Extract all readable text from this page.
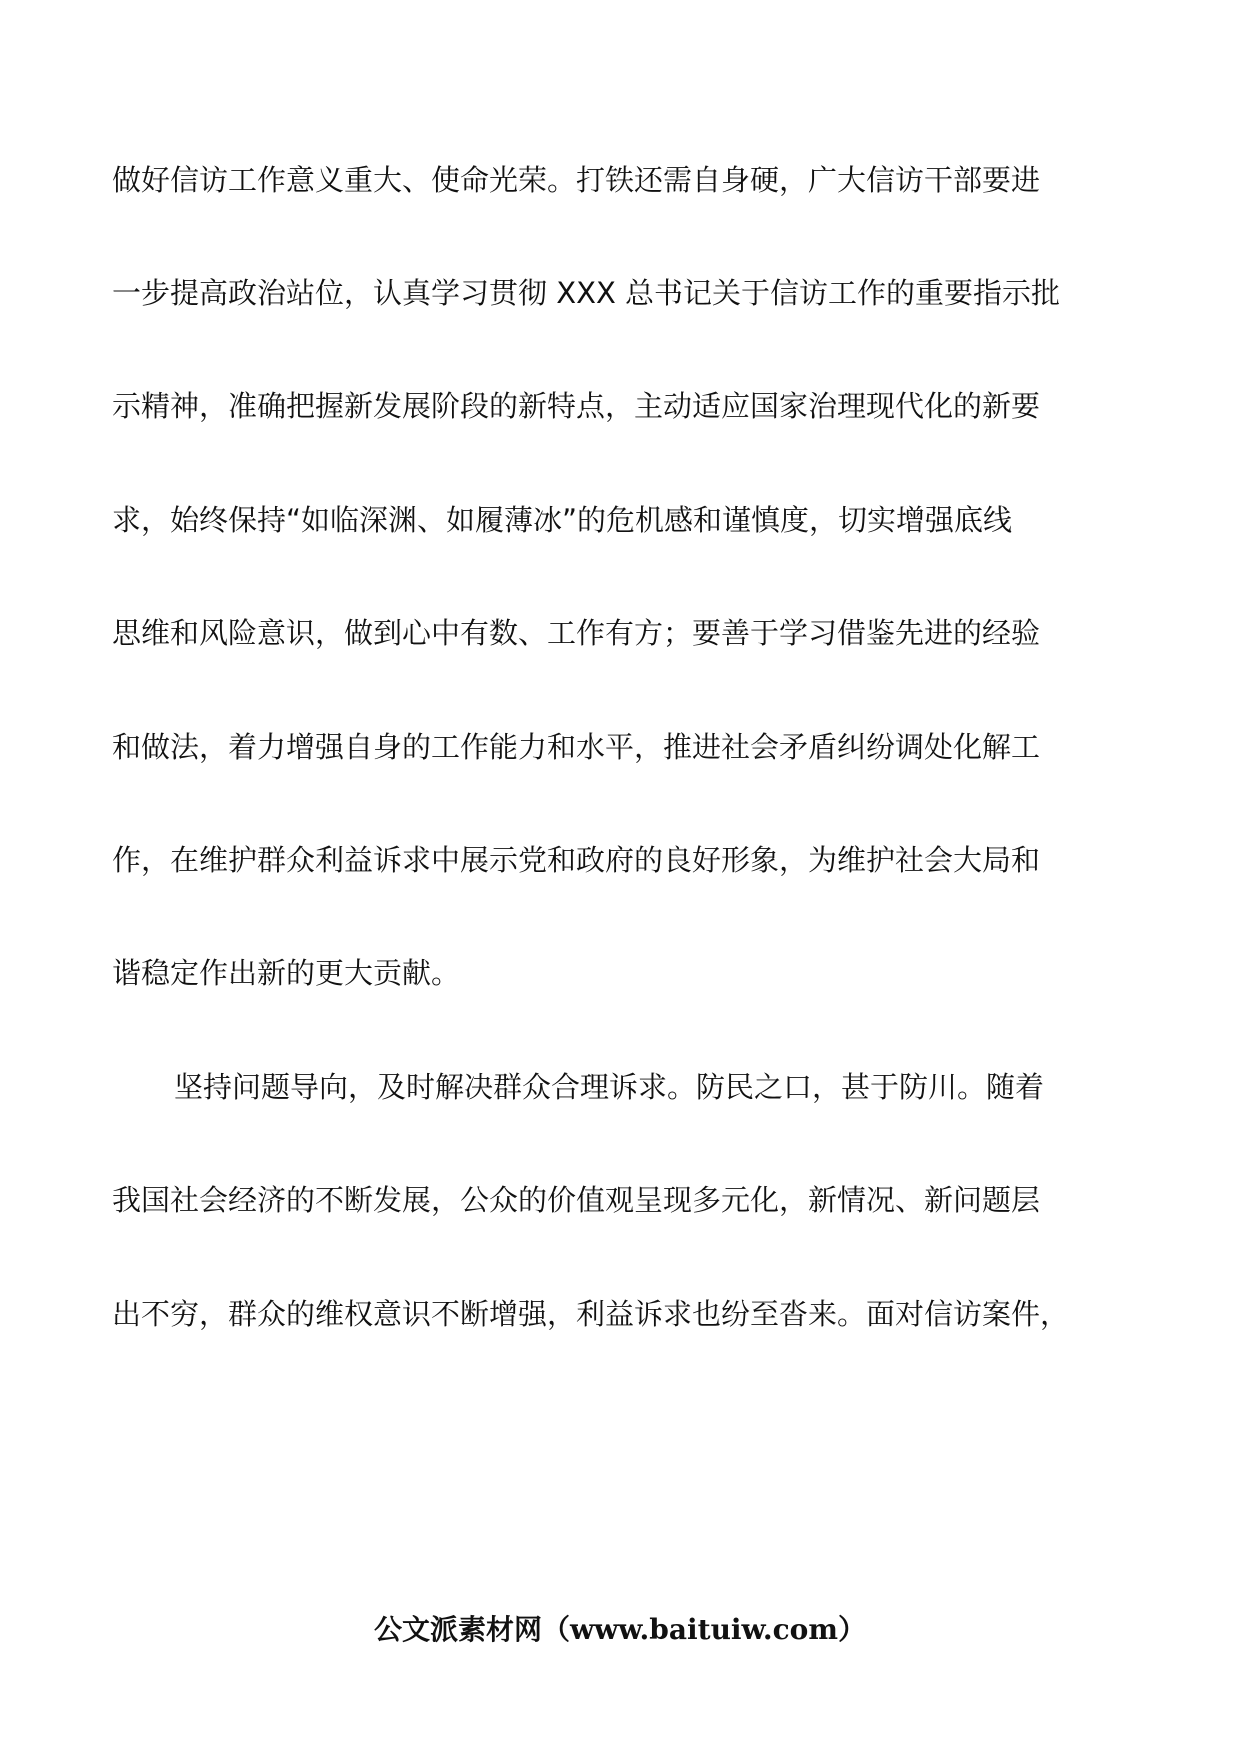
做好信访工作意义重大、使命光荣。打铁还需自身硬，广大信访干部要进
一步提高政治站位，认真学习贯彻 XXX 总书记关于信访工作的重要指示批
示精神，准确把握新发展阶段的新特点，主动适应国家治理现代化的新要
求，始终保持“如临深渊、如履薄冰”的危机感和谨慎度，切实增强底线
思维和风险意识，做到心中有数、工作有方；要善于学习借鉴先进的经验
和做法，着力增强自身的工作能力和水平，推进社会矛盾纠纷调处化解工
作，在维护群众利益诉求中展示党和政府的良好形象，为维护社会大局和
谐稳定作出新的更大贡献。
坚持问题导向，及时解决群众合理诉求。防民之口，甚于防川。随着
我国社会经济的不断发展，公众的价值观呈现多元化，新情况、新问题层
出不穷，群众的维权意识不断增强，利益诉求也纷至沓来。面对信访案件，
公文派素材网（www.baituiw.com）
